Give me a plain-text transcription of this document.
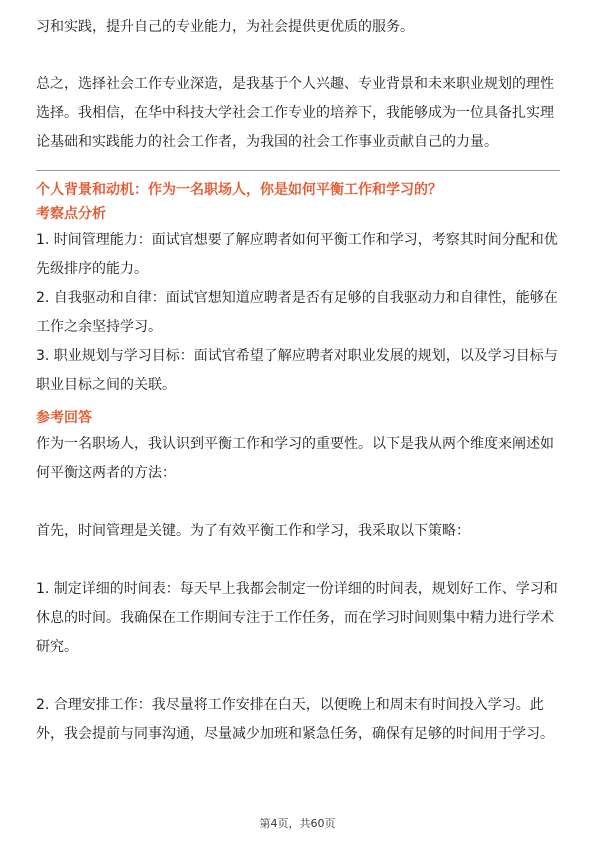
习和实践，提升自己的专业能力，为社会提供更优质的服务。

总之，选择社会工作专业深造，是我基于个人兴趣、专业背景和未来职业规划的理性选择。我相信，在华中科技大学社会工作专业的培养下，我能够成为一位具备扎实理论基础和实践能力的社会工作者，为我国的社会工作事业贡献自己的力量。

个人背景和动机：作为一名职场人，你是如何平衡工作和学习的？

考察点分析

1. 时间管理能力：面试官想要了解应聘者如何平衡工作和学习，考察其时间分配和优先级排序的能力。

2. 自我驱动和自律：面试官想知道应聘者是否有足够的自我驱动力和自律性，能够在工作之余坚持学习。

3. 职业规划与学习目标：面试官希望了解应聘者对职业发展的规划，以及学习目标与职业目标之间的关联。

参考回答

作为一名职场人，我认识到平衡工作和学习的重要性。以下是我从两个维度来阐述如何平衡这两者的方法：

首先，时间管理是关键。为了有效平衡工作和学习，我采取以下策略：

1. 制定详细的时间表：每天早上我都会制定一份详细的时间表，规划好工作、学习和休息的时间。我确保在工作期间专注于工作任务，而在学习时间则集中精力进行学术研究。

2. 合理安排工作：我尽量将工作安排在白天，以便晚上和周末有时间投入学习。此外，我会提前与同事沟通，尽量减少加班和紧急任务，确保有足够的时间用于学习。

第4页，共60页
